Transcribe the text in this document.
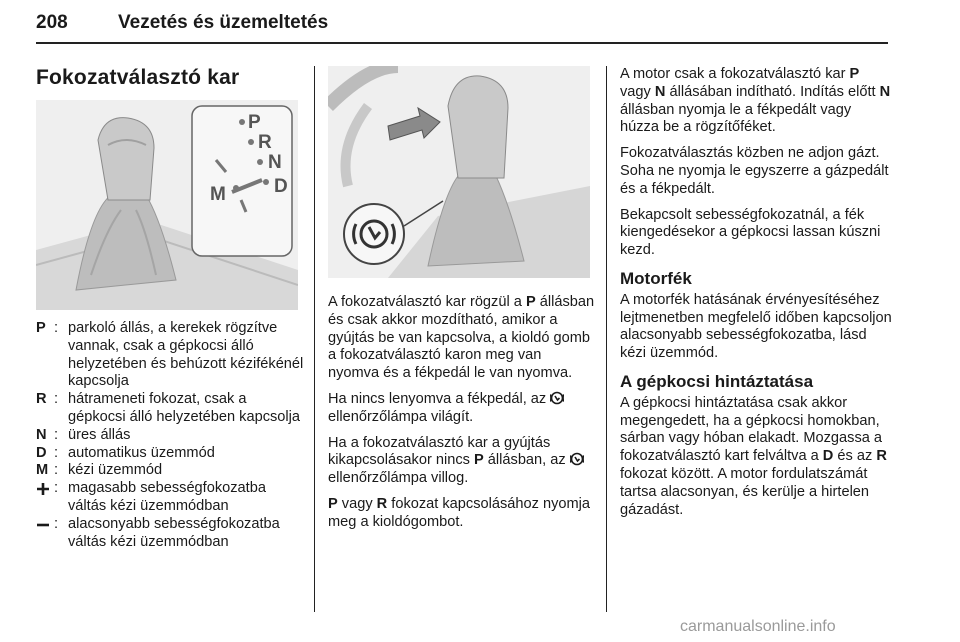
208	Vezetés és üzemeltetés
Fokozatválasztó kar
P
R
N
D
M
P : parkoló állás, a kerekek rögzítve vannak, csak a gépkocsi álló helyzetében és behúzott kézifékénél kapcsolja
R : hátrameneti fokozat, csak a gépkocsi álló helyzetében kapcsolja
N : üres állás
D : automatikus üzemmód
M : kézi üzemmód
: magasabb sebességfokozatba váltás kézi üzemmódban
: alacsonyabb sebességfokozatba váltás kézi üzemmódban

A fokozatválasztó kar rögzül a P állásban és csak akkor mozdítható, amikor a gyújtás be van kapcsolva, a kioldó gomb a fokozatválasztó karon meg van nyomva és a fékpedál le van nyomva.

Ha nincs lenyomva a fékpedál, az  ellenőrzőlámpa világít.

Ha a fokozatválasztó kar a gyújtás kikapcsolásakor nincs P állásban, az  ellenőrzőlámpa villog.

P vagy R fokozat kapcsolásához nyomja meg a kioldógombot.

A motor csak a fokozatválasztó kar P vagy N állásában indítható. Indítás előtt N állásban nyomja le a fékpedált vagy húzza be a rögzítőféket.

Fokozatválasztás közben ne adjon gázt. Soha ne nyomja le egyszerre a gázpedált és a fékpedált.

Bekapcsolt sebességfokozatnál, a fék kiengedésekor a gépkocsi lassan kúszni kezd.

Motorfék

A motorfék hatásának érvényesítéséhez lejtmenetben megfelelő időben kapcsoljon alacsonyabb sebességfokozatba, lásd kézi üzemmód.

A gépkocsi hintáztatása

A gépkocsi hintáztatása csak akkor megengedett, ha a gépkocsi homokban, sárban vagy hóban elakadt. Mozgassa a fokozatválasztó kart felváltva a D és az R fokozat között. A motor fordulatszámát tartsa alacsonyan, és kerülje a hirtelen gázadást.

carmanualsonline.info
